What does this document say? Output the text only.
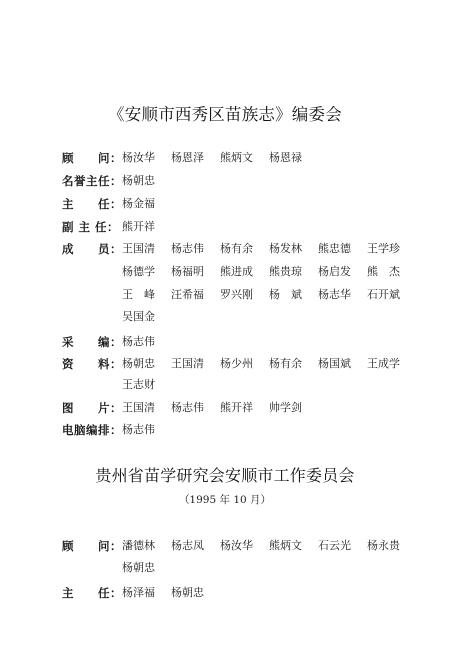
《安顺市西秀区苗族志》编委会
顾　　问： 杨汝华 杨恩泽 熊炳文 杨恩禄
名誉主任： 杨朝忠
主　　任： 杨金福
副 主 任： 熊开祥
成　　员： 王国清 杨志伟 杨有余 杨发林 熊忠德 王学珍
杨德学 杨福明 熊进成 熊贵琼 杨启发 熊　杰
王　峰 汪希福 罗兴刚 杨　斌 杨志华 石开斌
吴国金
采　　编： 杨志伟
资　　料： 杨朝忠 王国清 杨少州 杨有余 杨国斌 王成学
王志财
图　　片： 王国清 杨志伟 熊开祥 帅学剑
电脑编排： 杨志伟
贵州省苗学研究会安顺市工作委员会
（1995 年 10 月）
顾　　问： 潘德林 杨志凤 杨汝华 熊炳文 石云光 杨永贵
杨朝忠
主　　任： 杨泽福 杨朝忠
